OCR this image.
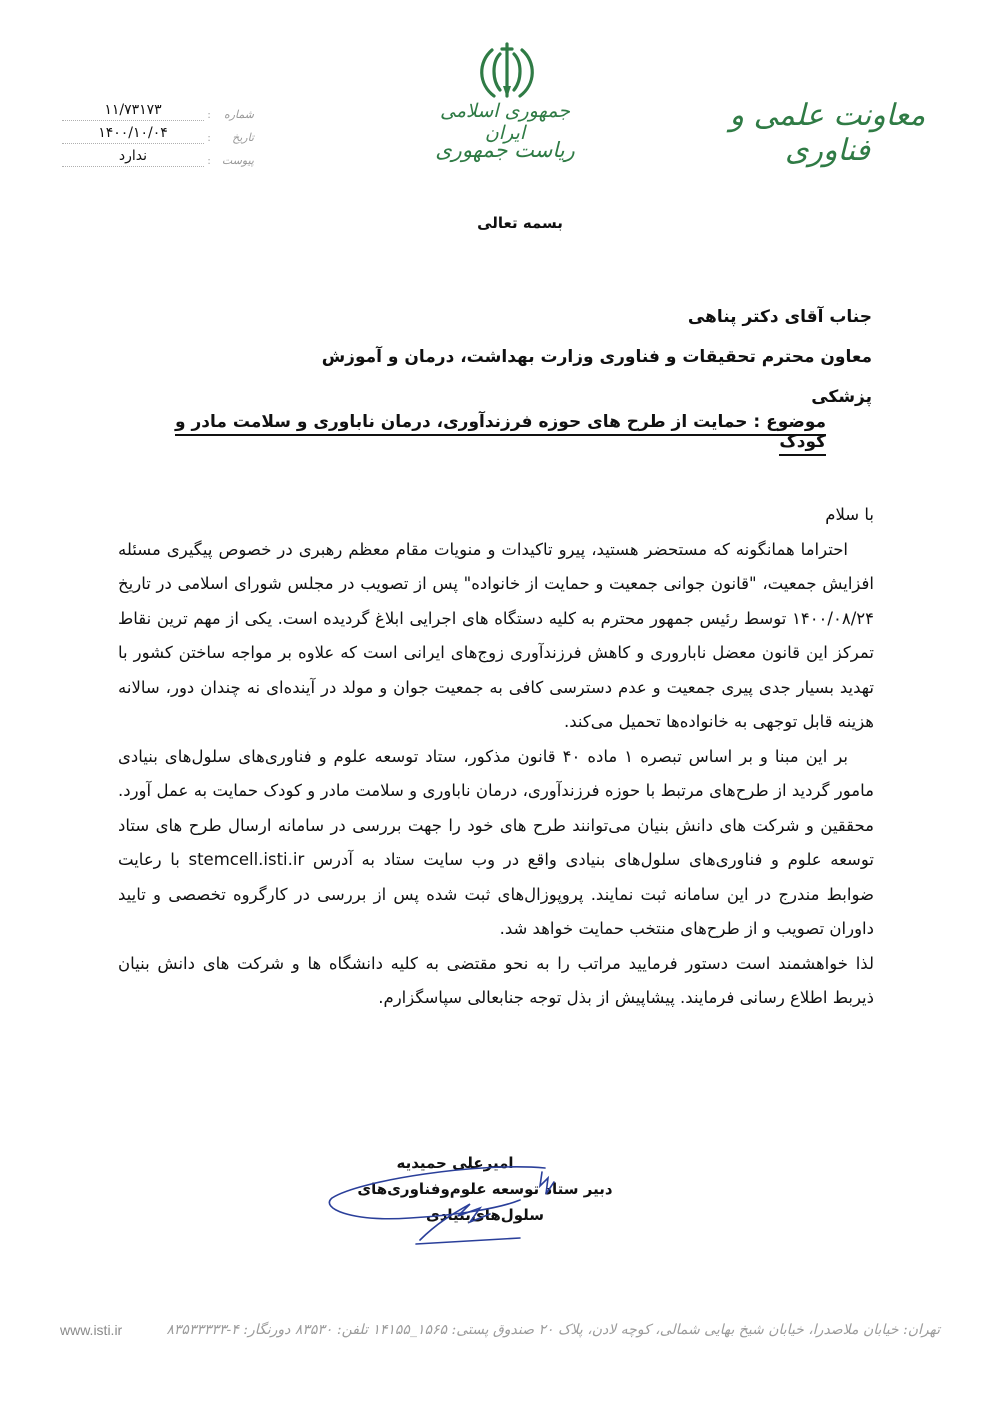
شماره
:
۱۱/۷۳۱۷۳
تاریخ
:
۱۴۰۰/۱۰/۰۴
پیوست
:
ندارد
جمهوری اسلامی ایران
ریاست جمهوری
معاونت علمی و فناوری
بسمه تعالی
جناب آقای دکتر پناهی
معاون محترم تحقیقات و فناوری وزارت بهداشت، درمان و آموزش پزشکی
موضوع : حمایت از طرح های حوزه فرزندآوری، درمان ناباوری و سلامت مادر و کودک

با سلام

احتراما همانگونه که مستحضر هستید، پیرو تاکیدات و منویات مقام معظم رهبری در خصوص پیگیری مسئله افزایش جمعیت، "قانون جوانی جمعیت و حمایت از خانواده" پس از تصویب در مجلس شورای اسلامی در تاریخ ۱۴۰۰/۰۸/۲۴ توسط رئیس جمهور محترم به کلیه دستگاه های اجرایی ابلاغ گردیده است. یکی از مهم ترین نقاط تمرکز این قانون معضل ناباروری و کاهش فرزندآوری زوج‌های ایرانی است که علاوه بر مواجه ساختن کشور با تهدید بسیار جدی پیری جمعیت و عدم دسترسی کافی به جمعیت جوان و مولد در آینده‌ای نه چندان دور، سالانه هزینه قابل توجهی به خانواده‌ها تحمیل می‌کند.

بر این مبنا و بر اساس تبصره ۱ ماده ۴۰ قانون مذکور، ستاد توسعه علوم و فناوری‌های سلول‌های بنیادی مامور گردید از طرح‌های مرتبط با حوزه فرزندآوری، درمان ناباوری و سلامت مادر و کودک حمایت به عمل آورد. محققین و شرکت های دانش بنیان می‌توانند طرح های خود را جهت بررسی در سامانه ارسال طرح های ستاد توسعه علوم و فناوری‌های سلول‌های بنیادی واقع در وب سایت ستاد به آدرس stemcell.isti.ir با رعایت ضوابط مندرج در این سامانه ثبت نمایند. پروپوزال‌های ثبت شده پس از بررسی در کارگروه تخصصی و تایید داوران تصویب و از طرح‌های منتخب حمایت خواهد شد.

لذا خواهشمند است دستور فرمایید مراتب را به نحو مقتضی به کلیه دانشگاه ها و شرکت های دانش بنیان ذیربط اطلاع رسانی فرمایند. پیشاپیش از بذل توجه جنابعالی سپاسگزارم.

امیرعلی حمیدیه
دبیر ستاد توسعه علوم‌وفناوری‌های سلول‌های‌بنیادی
تهران: خیابان ملاصدرا، خیابان شیخ بهایی شمالی، کوچه لادن، پلاک ۲۰ صندوق پستی: ۱۵۶۵_۱۴۱۵۵ تلفن: ۸۳۵۳۰ دورنگار: ۴-۸۳۵۳۳۳۳۳
www.isti.ir
